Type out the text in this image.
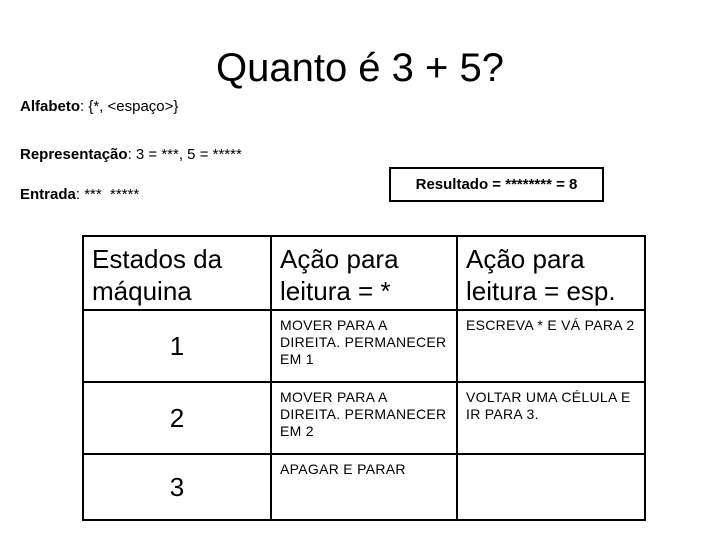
Quanto é 3 + 5?
Alfabeto: {*, <espaço>}
Representação: 3 = ***, 5 = *****
Entrada: ***  *****
Resultado = ******** = 8
Estados da máquina	Ação para leitura = *	Ação para leitura = esp.
1	MOVER PARA A DIREITA. PERMANECER EM 1	ESCREVA * E VÁ PARA 2
2	MOVER PARA A DIREITA. PERMANECER EM 2	VOLTAR UMA CÉLULA E IR PARA 3.
3	APAGAR E PARAR	
